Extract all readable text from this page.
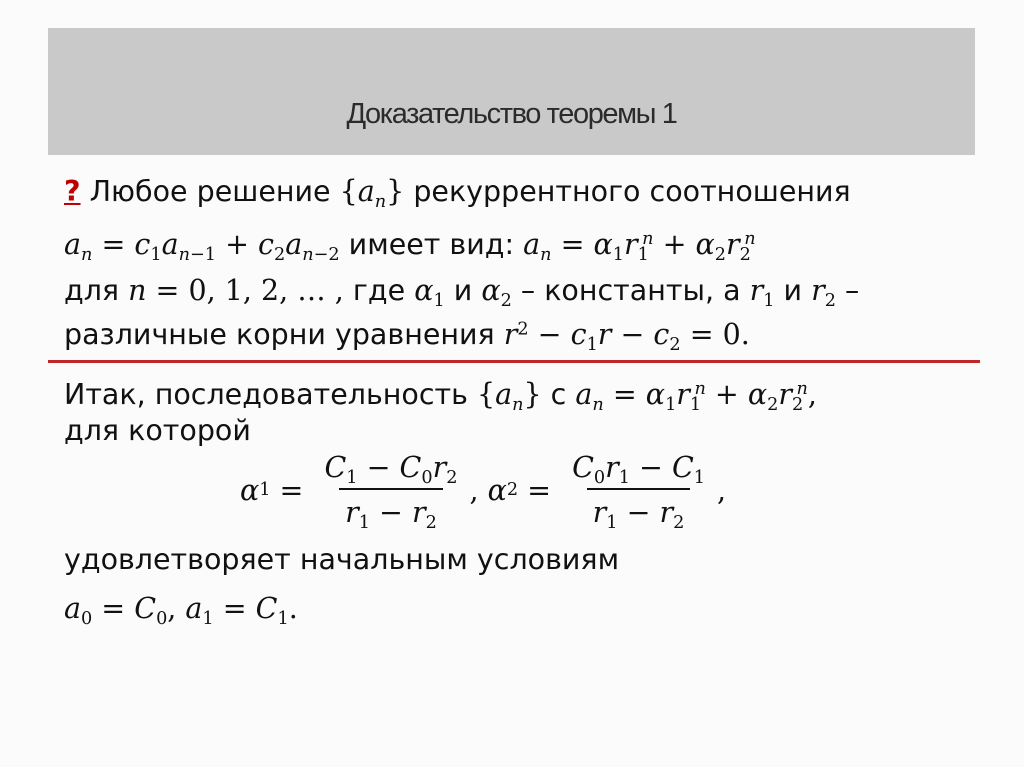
Доказательство теоремы 1
? Любое решение $\{a_n\}$ рекуррентного соотношения
$a_n = c_1a_{n-1} + c_2a_{n-2}$ имеет вид: $a_n = \alpha_1r_1^n + \alpha_2r_2^n$
для n = 0, 1, 2, … , где $\alpha_1$ и $\alpha_2$ – константы, а $r_1$ и $r_2$ –
различные корни уравнения $r^2 - c_1r - c_2 = 0$.
Итак, последовательность $\{a_n\}$ с $a_n = \alpha_1r_1^n + \alpha_2r_2^n$,
для которой
α $1 = \frac{C_1 - C_0r_2}{r_1 - r_2}$ , α $2 = \frac{C_0r_1 - C_1}{r_1 - r_2}$ ,
удовлетворяет начальным условиям
$a_0 = C_0$, $a_1 = C_1$.
